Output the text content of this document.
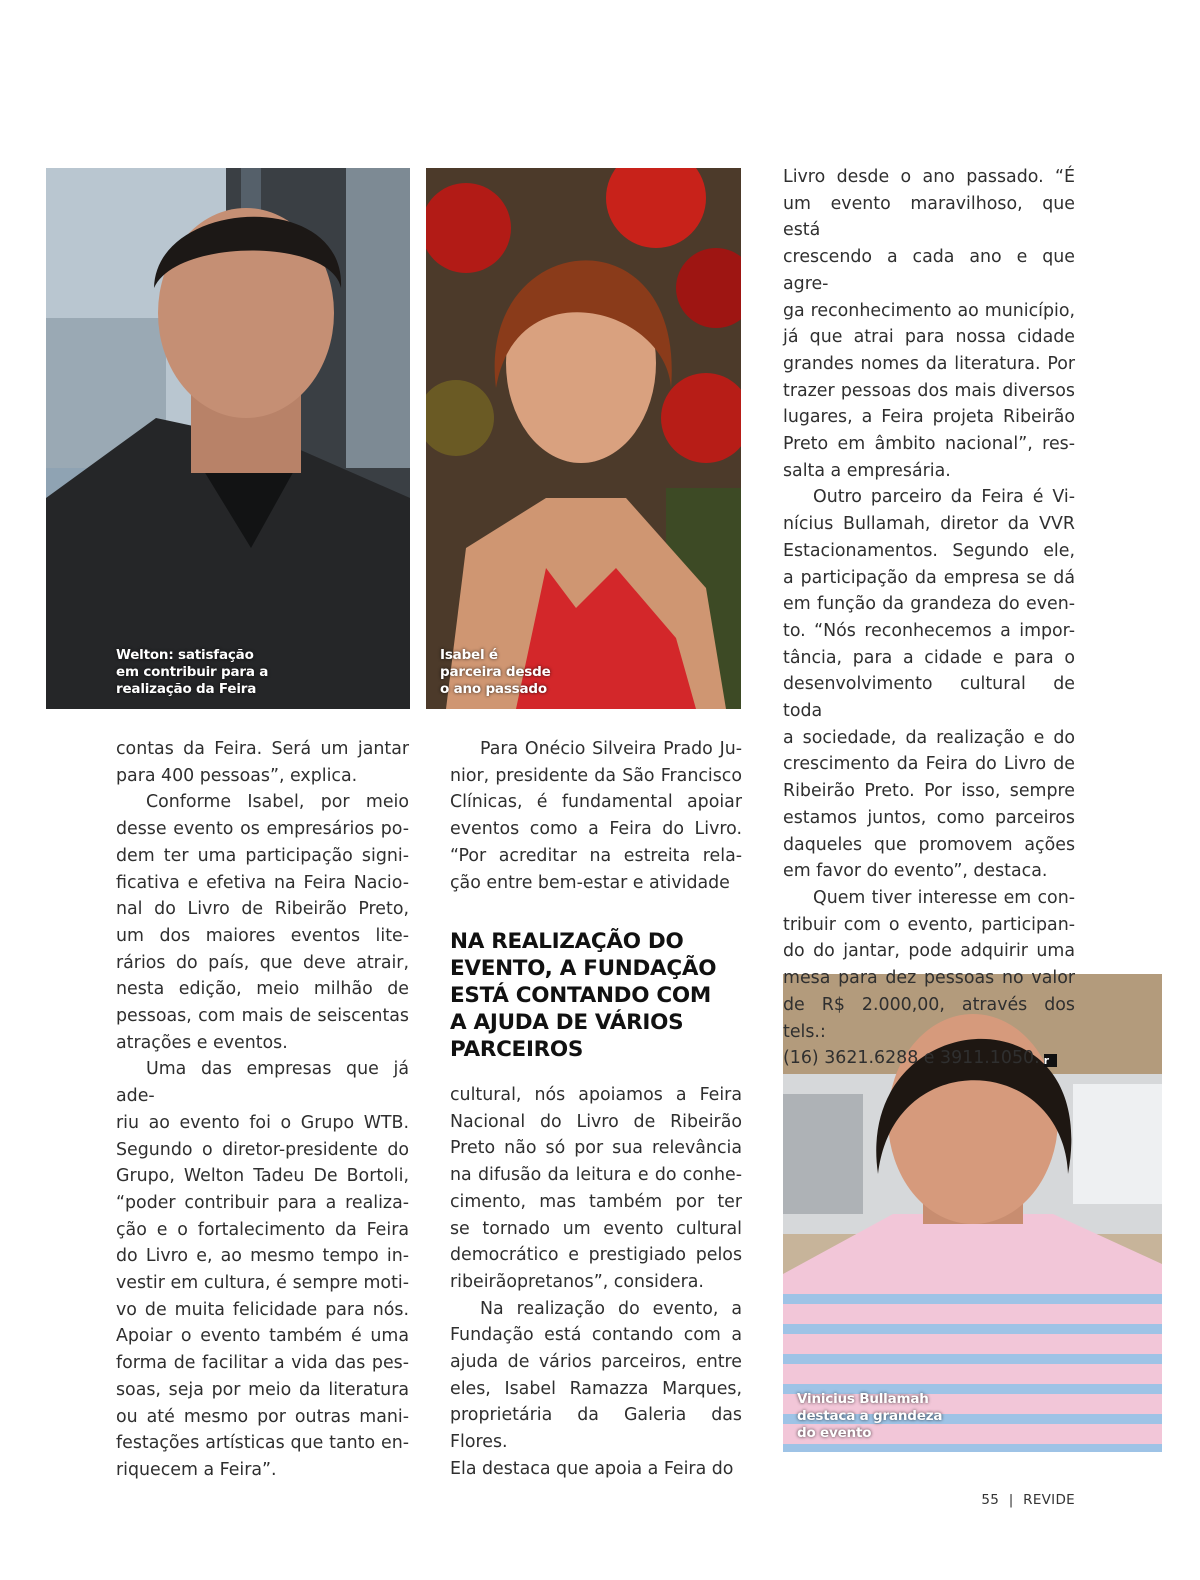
Welton: satisfação
em contribuir para a
realização da Feira
Isabel é
parceira desde
o ano passado
Vinicius Bullamah
destaca a grandeza
do evento

contas da Feira. Será um jantar

para 400 pessoas”, explica.

Conforme Isabel, por meio

desse evento os empresários po-

dem ter uma participação signi-

ficativa e efetiva na Feira Nacio-

nal do Livro de Ribeirão Preto,

um dos maiores eventos lite-

rários do país, que deve atrair,

nesta edição, meio milhão de

pessoas, com mais de seiscentas

atrações e eventos.

Uma das empresas que já ade-

riu ao evento foi o Grupo WTB.

Segundo o diretor-presidente do

Grupo, Welton Tadeu De Bortoli,

“poder contribuir para a realiza-

ção e o fortalecimento da Feira

do Livro e, ao mesmo tempo in-

vestir em cultura, é sempre moti-

vo de muita felicidade para nós.

Apoiar o evento também é uma

forma de facilitar a vida das pes-

soas, seja por meio da literatura

ou até mesmo por outras mani-

festações artísticas que tanto en-

riquecem a Feira”.

Para Onécio Silveira Prado Ju-

nior, presidente da São Francisco

Clínicas, é fundamental apoiar

eventos como a Feira do Livro.

“Por acreditar na estreita rela-

ção entre bem-estar e atividade

NA REALIZAÇÃO DO
EVENTO, A FUNDAÇÃO
ESTÁ CONTANDO COM
A AJUDA DE VÁRIOS
PARCEIROS

cultural, nós apoiamos a Feira

Nacional do Livro de Ribeirão

Preto não só por sua relevância

na difusão da leitura e do conhe-

cimento, mas também por ter

se tornado um evento cultural

democrático e prestigiado pelos

ribeirãopretanos”, considera.

Na realização do evento, a

Fundação está contando com a

ajuda de vários parceiros, entre

eles, Isabel Ramazza Marques,

proprietária da Galeria das Flores.

Ela destaca que apoia a Feira do

Livro desde o ano passado. “É

um evento maravilhoso, que está

crescendo a cada ano e que agre-

ga reconhecimento ao município,

já que atrai para nossa cidade

grandes nomes da literatura. Por

trazer pessoas dos mais diversos

lugares, a Feira projeta Ribeirão

Preto em âmbito nacional”, res-

salta a empresária.

Outro parceiro da Feira é Vi-

nícius Bullamah, diretor da VVR

Estacionamentos. Segundo ele,

a participação da empresa se dá

em função da grandeza do even-

to. “Nós reconhecemos a impor-

tância, para a cidade e para o

desenvolvimento cultural de toda

a sociedade, da realização e do

crescimento da Feira do Livro de

Ribeirão Preto. Por isso, sempre

estamos juntos, como parceiros

daqueles que promovem ações

em favor do evento”, destaca.

Quem tiver interesse em con-

tribuir com o evento, participan-

do do jantar, pode adquirir uma

mesa para dez pessoas no valor

de R$ 2.000,00, através dos tels.:

(16) 3621.6288 e 3911.1050. r

55 | REVIDE
